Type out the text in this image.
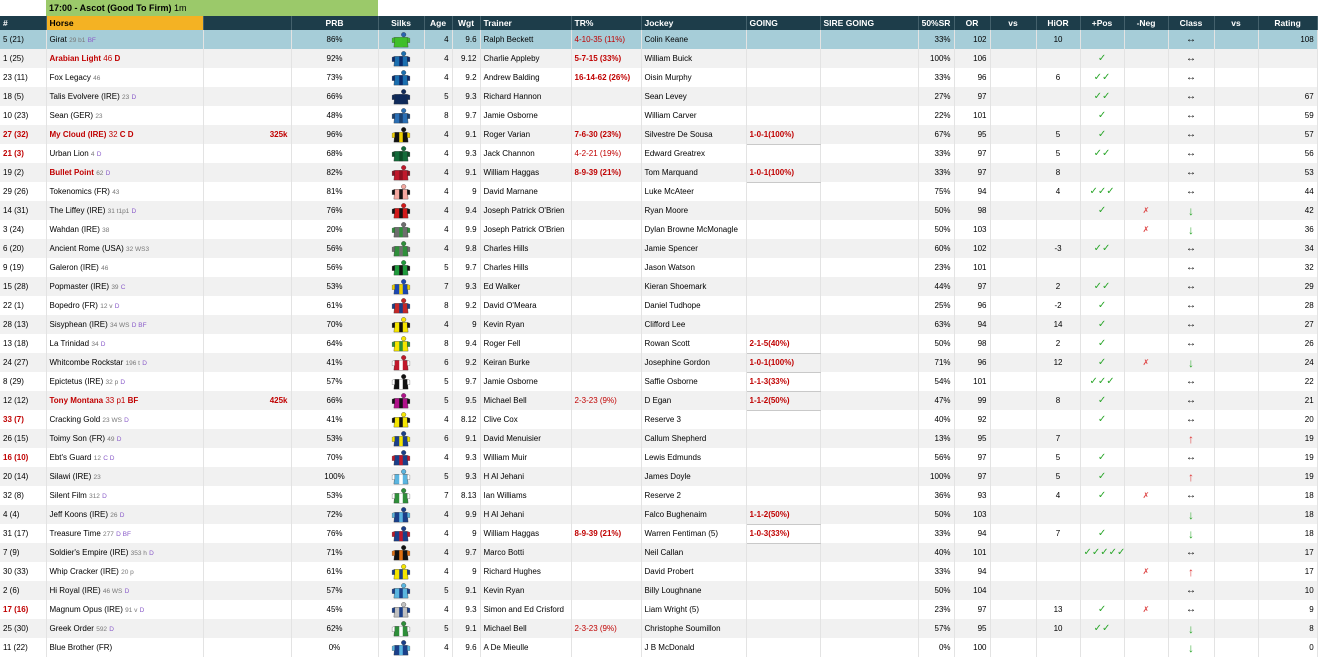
	17:00 - Ascot (Good To Firm) 1m																			
#	Horse		PRB	Silks	Age	Wgt	Trainer	TR%	Jockey	GOING	SIRE GOING	50%SR	OR	vs	HiOR	+Pos	-Neg	Class	vs	Rating
5 (21)	Girat 29 b1 BF		86%		4	9.6	Ralph Beckett	4-10-35 (11%)	Colin Keane			33%	102		10			↔		108
1 (25)	Arabian Light 46 D		92%		4	9.12	Charlie Appleby	5-7-15 (33%)	William Buick			100%	106			✓		↔		
23 (11)	Fox Legacy 46		73%		4	9.2	Andrew Balding	16-14-62 (26%)	Oisin Murphy			33%	96		6	✓✓		↔		
18 (5)	Talis Evolvere (IRE) 23 D		66%		5	9.3	Richard Hannon		Sean Levey			27%	97			✓✓		↔		67
10 (23)	Sean (GER) 23		48%		8	9.7	Jamie Osborne		William Carver			22%	101			✓		↔		59
27 (32)	My Cloud (IRE) 32 C D	325k	96%		4	9.1	Roger Varian	7-6-30 (23%)	Silvestre De Sousa	1-0-1(100%)		67%	95		5	✓		↔		57
21 (3)	Urban Lion 4 D		68%		4	9.3	Jack Channon	4-2-21 (19%)	Edward Greatrex			33%	97		5	✓✓		↔		56
19 (2)	Bullet Point 62 D		82%		4	9.1	William Haggas	8-9-39 (21%)	Tom Marquand	1-0-1(100%)		33%	97		8			↔		53
29 (26)	Tokenomics (FR) 43		81%		4	9	David Marnane		Luke McAteer			75%	94		4	✓✓✓		↔		44
14 (31)	The Liffey (IRE) 31 t1p1 D		76%		4	9.4	Joseph Patrick O'Brien		Ryan Moore			50%	98			✓	✗	↓		42
3 (24)	Wahdan (IRE) 38		20%		4	9.9	Joseph Patrick O'Brien		Dylan Browne McMonagle			50%	103				✗	↓		36
6 (20)	Ancient Rome (USA) 32 WS3		56%		4	9.8	Charles Hills		Jamie Spencer			60%	102		-3	✓✓		↔		34
9 (19)	Galeron (IRE) 46		56%		5	9.7	Charles Hills		Jason Watson			23%	101					↔		32
15 (28)	Popmaster (IRE) 39 C		53%		7	9.3	Ed Walker		Kieran Shoemark			44%	97		2	✓✓		↔		29
22 (1)	Bopedro (FR) 12 v D		61%		8	9.2	David O'Meara		Daniel Tudhope			25%	96		-2	✓		↔		28
28 (13)	Sisyphean (IRE) 34 WS D BF		70%		4	9	Kevin Ryan		Clifford Lee			63%	94		14	✓		↔		27
13 (18)	La Trinidad 34 D		64%		8	9.4	Roger Fell		Rowan Scott	2-1-5(40%)		50%	98		2	✓		↔		26
24 (27)	Whitcombe Rockstar 196 t D		41%		6	9.2	Keiran Burke		Josephine Gordon	1-0-1(100%)		71%	96		12	✓	✗	↓		24
8 (29)	Epictetus (IRE) 32 p D		57%		5	9.7	Jamie Osborne		Saffie Osborne	1-1-3(33%)		54%	101			✓✓✓		↔		22
12 (12)	Tony Montana 33 p1 BF	425k	66%		5	9.5	Michael Bell	2-3-23 (9%)	D Egan	1-1-2(50%)		47%	99		8	✓		↔		21
33 (7)	Cracking Gold 23 WS D		41%		4	8.12	Clive Cox		Reserve 3			40%	92			✓		↔		20
26 (15)	Toimy Son (FR) 49 D		53%		6	9.1	David Menuisier		Callum Shepherd			13%	95		7			↑		19
16 (10)	Ebt's Guard 12 C D		70%		4	9.3	William Muir		Lewis Edmunds			56%	97		5	✓		↔		19
20 (14)	Silawi (IRE) 23		100%		5	9.3	H Al Jehani		James Doyle			100%	97		5	✓		↑		19
32 (8)	Silent Film 312 D		53%		7	8.13	Ian Williams		Reserve 2			36%	93		4	✓	✗	↔		18
4 (4)	Jeff Koons (IRE) 26 D		72%		4	9.9	H Al Jehani		Falco Bughenaim	1-1-2(50%)		50%	103					↓		18
31 (17)	Treasure Time 277 D BF		76%		4	9	William Haggas	8-9-39 (21%)	Warren Fentiman (5)	1-0-3(33%)		33%	94		7	✓		↓		18
7 (9)	Soldier's Empire (IRE) 353 h D		71%		4	9.7	Marco Botti		Neil Callan			40%	101			✓✓✓✓✓		↔		17
30 (33)	Whip Cracker (IRE) 20 p		61%		4	9	Richard Hughes		David Probert			33%	94				✗	↑		17
2 (6)	Hi Royal (IRE) 46 WS D		57%		5	9.1	Kevin Ryan		Billy Loughnane			50%	104					↔		10
17 (16)	Magnum Opus (IRE) 91 v D		45%		4	9.3	Simon and Ed Crisford		Liam Wright (5)			23%	97		13	✓	✗	↔		9
25 (30)	Greek Order 592 D		62%		5	9.1	Michael Bell	2-3-23 (9%)	Christophe Soumillon			57%	95		10	✓✓		↓		8
11 (22)	Blue Brother (FR)		0%		4	9.6	A De Mieulle		J B McDonald			0%	100					↓		0
